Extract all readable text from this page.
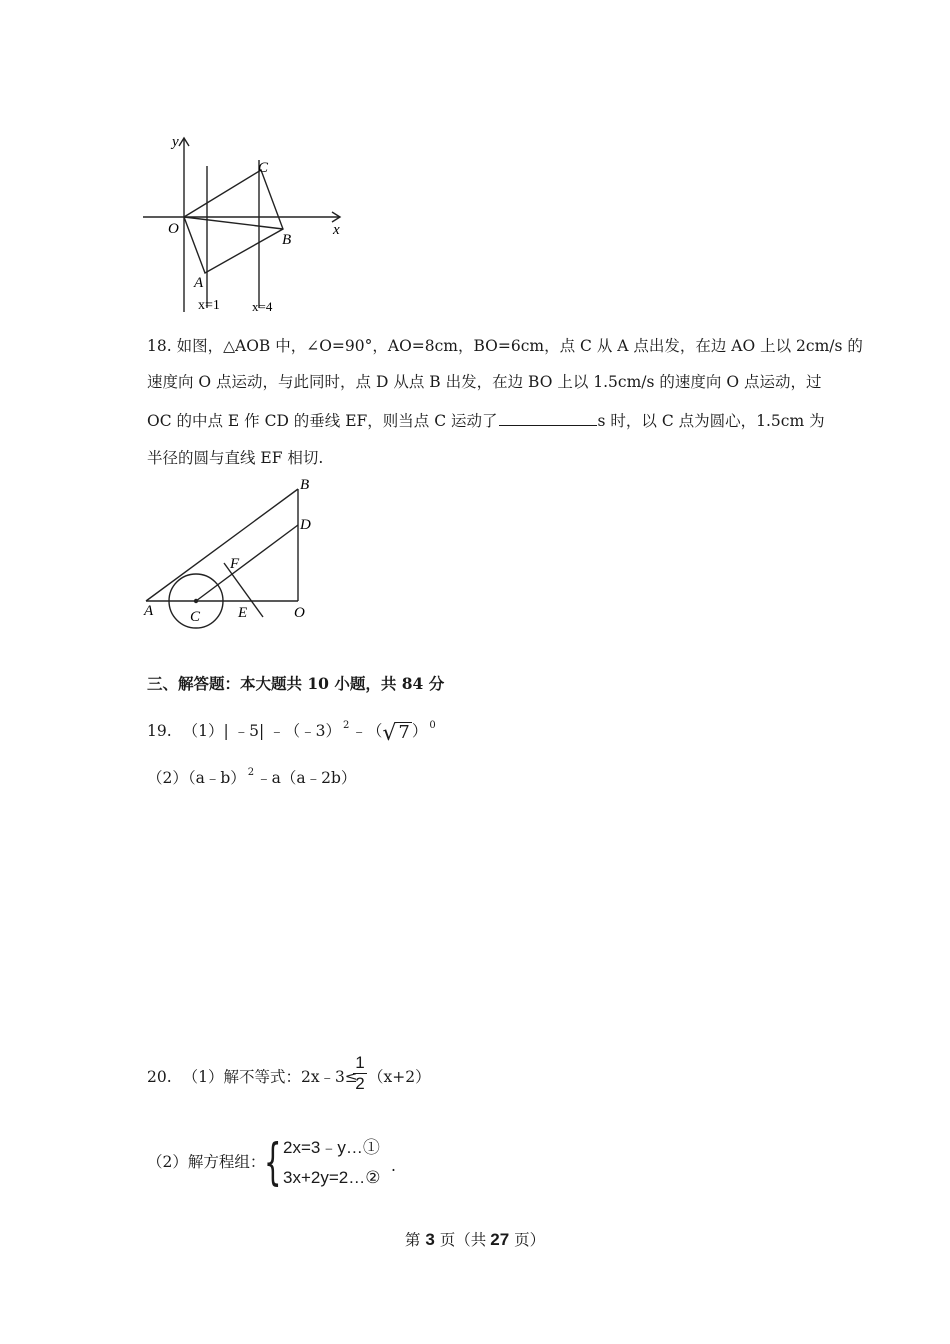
y
x
O
C
B
A
x=1 x=4
18. 如图，△AOB 中，∠O=90°，AO=8cm，BO=6cm，点 C 从 A 点出发，在边 AO 上以 2cm/s 的
速度向 O 点运动，与此同时，点 D 从点 B 出发，在边 BO 上以 1.5cm/s 的速度向 O 点运动，过
OC 的中点 E 作 CD 的垂线 EF，则当点 C 运动了	s 时，以 C 点为圆心，1.5cm 为
半径的圆与直线 EF 相切.
A
B
D
F
C	E	O
三、解答题：本大题共 10 小题，共 84 分
19. （1）| ﹣5| ﹣（﹣3） $^2$ ﹣（√ 7 ） $^0$
（2）（a﹣b） $^2$ ﹣a（a﹣2b）
20. （1）解不等式：2x﹣3≤
1
2 （x+2）
（2）解方程组：
{ 2x=3﹣y…①
3x+2y=2…②
.
第 3 页（共 27 页）
